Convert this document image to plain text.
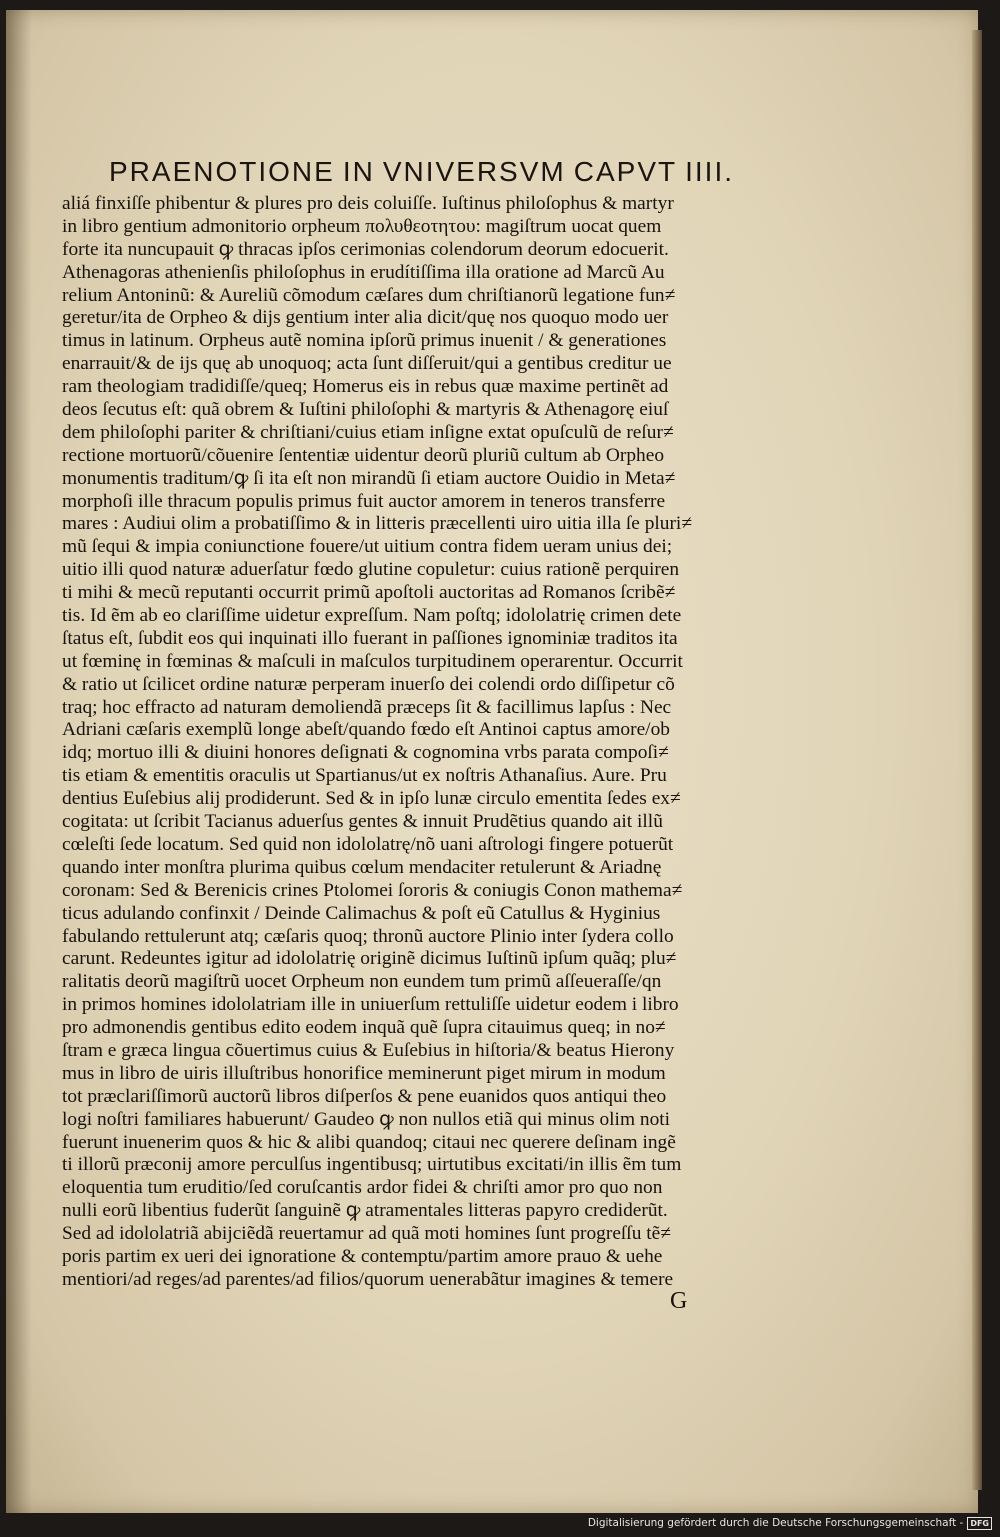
PRAENOTIONE IN VNIVERSVM CAPVT IIII.
aliá finxiſſe phibentur & plures pro deis coluiſſe. Iuſtinus philoſophus & martyr
in libro gentium admonitorio orpheum πολυθεοτητου: magiſtrum uocat quem
forte ita nuncupauit ꝙ thracas ipſos cerimonias colendorum deorum edocuerit.
Athenagoras athenienſis philoſophus in erudítiſſima illa oratione ad Marcũ Au
relium Antoninũ: & Aureliũ cõmodum cæſares dum chriſtianorũ legatione fun≠
geretur/ita de Orpheo & dijs gentium inter alia dicit/quę nos quoquo modo uer
timus in latinum. Orpheus autẽ nomina ipſorũ primus inuenit / & generationes
enarrauit/& de ijs quę ab unoquoq; acta ſunt diſſeruit/qui a gentibus creditur ue
ram theologiam tradidiſſe/queq; Homerus eis in rebus quæ maxime pertinẽt ad
deos ſecutus eſt: quã obrem & Iuſtini philoſophi & martyris & Athenagorę eiuſ
dem philoſophi pariter & chriſtiani/cuius etiam inſigne extat opuſculũ de reſur≠
rectione mortuorũ/cõuenire ſententiæ uidentur deorũ pluriũ cultum ab Orpheo
monumentis traditum/ꝙ ſi ita eſt non mirandũ ſi etiam auctore Ouidio in Meta≠
morphoſi ille thracum populis primus fuit auctor amorem in teneros transferre
mares : Audiui olim a probatiſſimo & in litteris præcellenti uiro uitia illa ſe pluri≠
mũ ſequi & impia coniunctione fouere/ut uitium contra fidem ueram unius dei;
uitio illi quod naturæ aduerſatur fœdo glutine copuletur: cuius rationẽ perquiren
ti mihi & mecũ reputanti occurrit primũ apoſtoli auctoritas ad Romanos ſcribẽ≠
tis. Id ẽm ab eo clariſſime uidetur expreſſum. Nam poſtq; idololatrię crimen dete
ſtatus eſt, ſubdit eos qui inquinati illo fuerant in paſſiones ignominiæ traditos ita
ut fœminę in fœminas & maſculi in maſculos turpitudinem operarentur. Occurrit
& ratio ut ſcilicet ordine naturæ perperam inuerſo dei colendi ordo diſſipetur cõ
traq; hoc effracto ad naturam demoliendã præceps ſit & facillimus lapſus : Nec
Adriani cæſaris exemplũ longe abeſt/quando fœdo eſt Antinoi captus amore/ob
idq; mortuo illi & diuini honores deſignati & cognomina vrbs parata compoſi≠
tis etiam & ementitis oraculis ut Spartianus/ut ex noſtris Athanaſius. Aure. Pru
dentius Euſebius alij prodiderunt. Sed & in ipſo lunæ circulo ementita ſedes ex≠
cogitata: ut ſcribit Tacianus aduerſus gentes & innuit Prudẽtius quando ait illũ
cœleſti ſede locatum. Sed quid non idololatrę/nõ uani aſtrologi fingere potuerũt
quando inter monſtra plurima quibus cœlum mendaciter retulerunt & Ariadnę
coronam: Sed & Berenicis crines Ptolomei ſororis & coniugis Conon mathema≠
ticus adulando confinxit / Deinde Calimachus & poſt eũ Catullus & Hyginius
fabulando rettulerunt atq; cæſaris quoq; thronũ auctore Plinio inter ſydera collo
carunt. Redeuntes igitur ad idololatrię originẽ dicimus Iuſtinũ ipſum quãq; plu≠
ralitatis deorũ magiſtrũ uocet Orpheum non eundem tum primũ aſſeueraſſe/qn
in primos homines idololatriam ille in uniuerſum rettuliſſe uidetur eodem i libro
pro admonendis gentibus edito eodem inquã quẽ ſupra citauimus queq; in no≠
ſtram e græca lingua cõuertimus cuius & Euſebius in hiſtoria/& beatus Hierony
mus in libro de uiris illuſtribus honorifice meminerunt piget mirum in modum
tot præclariſſimorũ auctorũ libros diſperſos & pene euanidos quos antiqui theo
logi noſtri familiares habuerunt/ Gaudeo ꝙ non nullos etiã qui minus olim noti
fuerunt inuenerim quos & hic & alibi quandoq; citaui nec querere deſinam ingẽ
ti illorũ præconij amore perculſus ingentibusq; uirtutibus excitati/in illis ẽm tum
eloquentia tum eruditio/ſed coruſcantis ardor fidei & chriſti amor pro quo non
nulli eorũ libentius fuderũt ſanguinẽ ꝙ atramentales litteras papyro crediderũt.
Sed ad idololatriã abijciẽdã reuertamur ad quã moti homines ſunt progreſſu tẽ≠
poris partim ex ueri dei ignoratione & contemptu/partim amore prauo & uehe
mentiori/ad reges/ad parentes/ad filios/quorum uenerabãtur imagines & temere
G
Digitalisierung gefördert durch die Deutsche Forschungsgemeinschaft - DFG
